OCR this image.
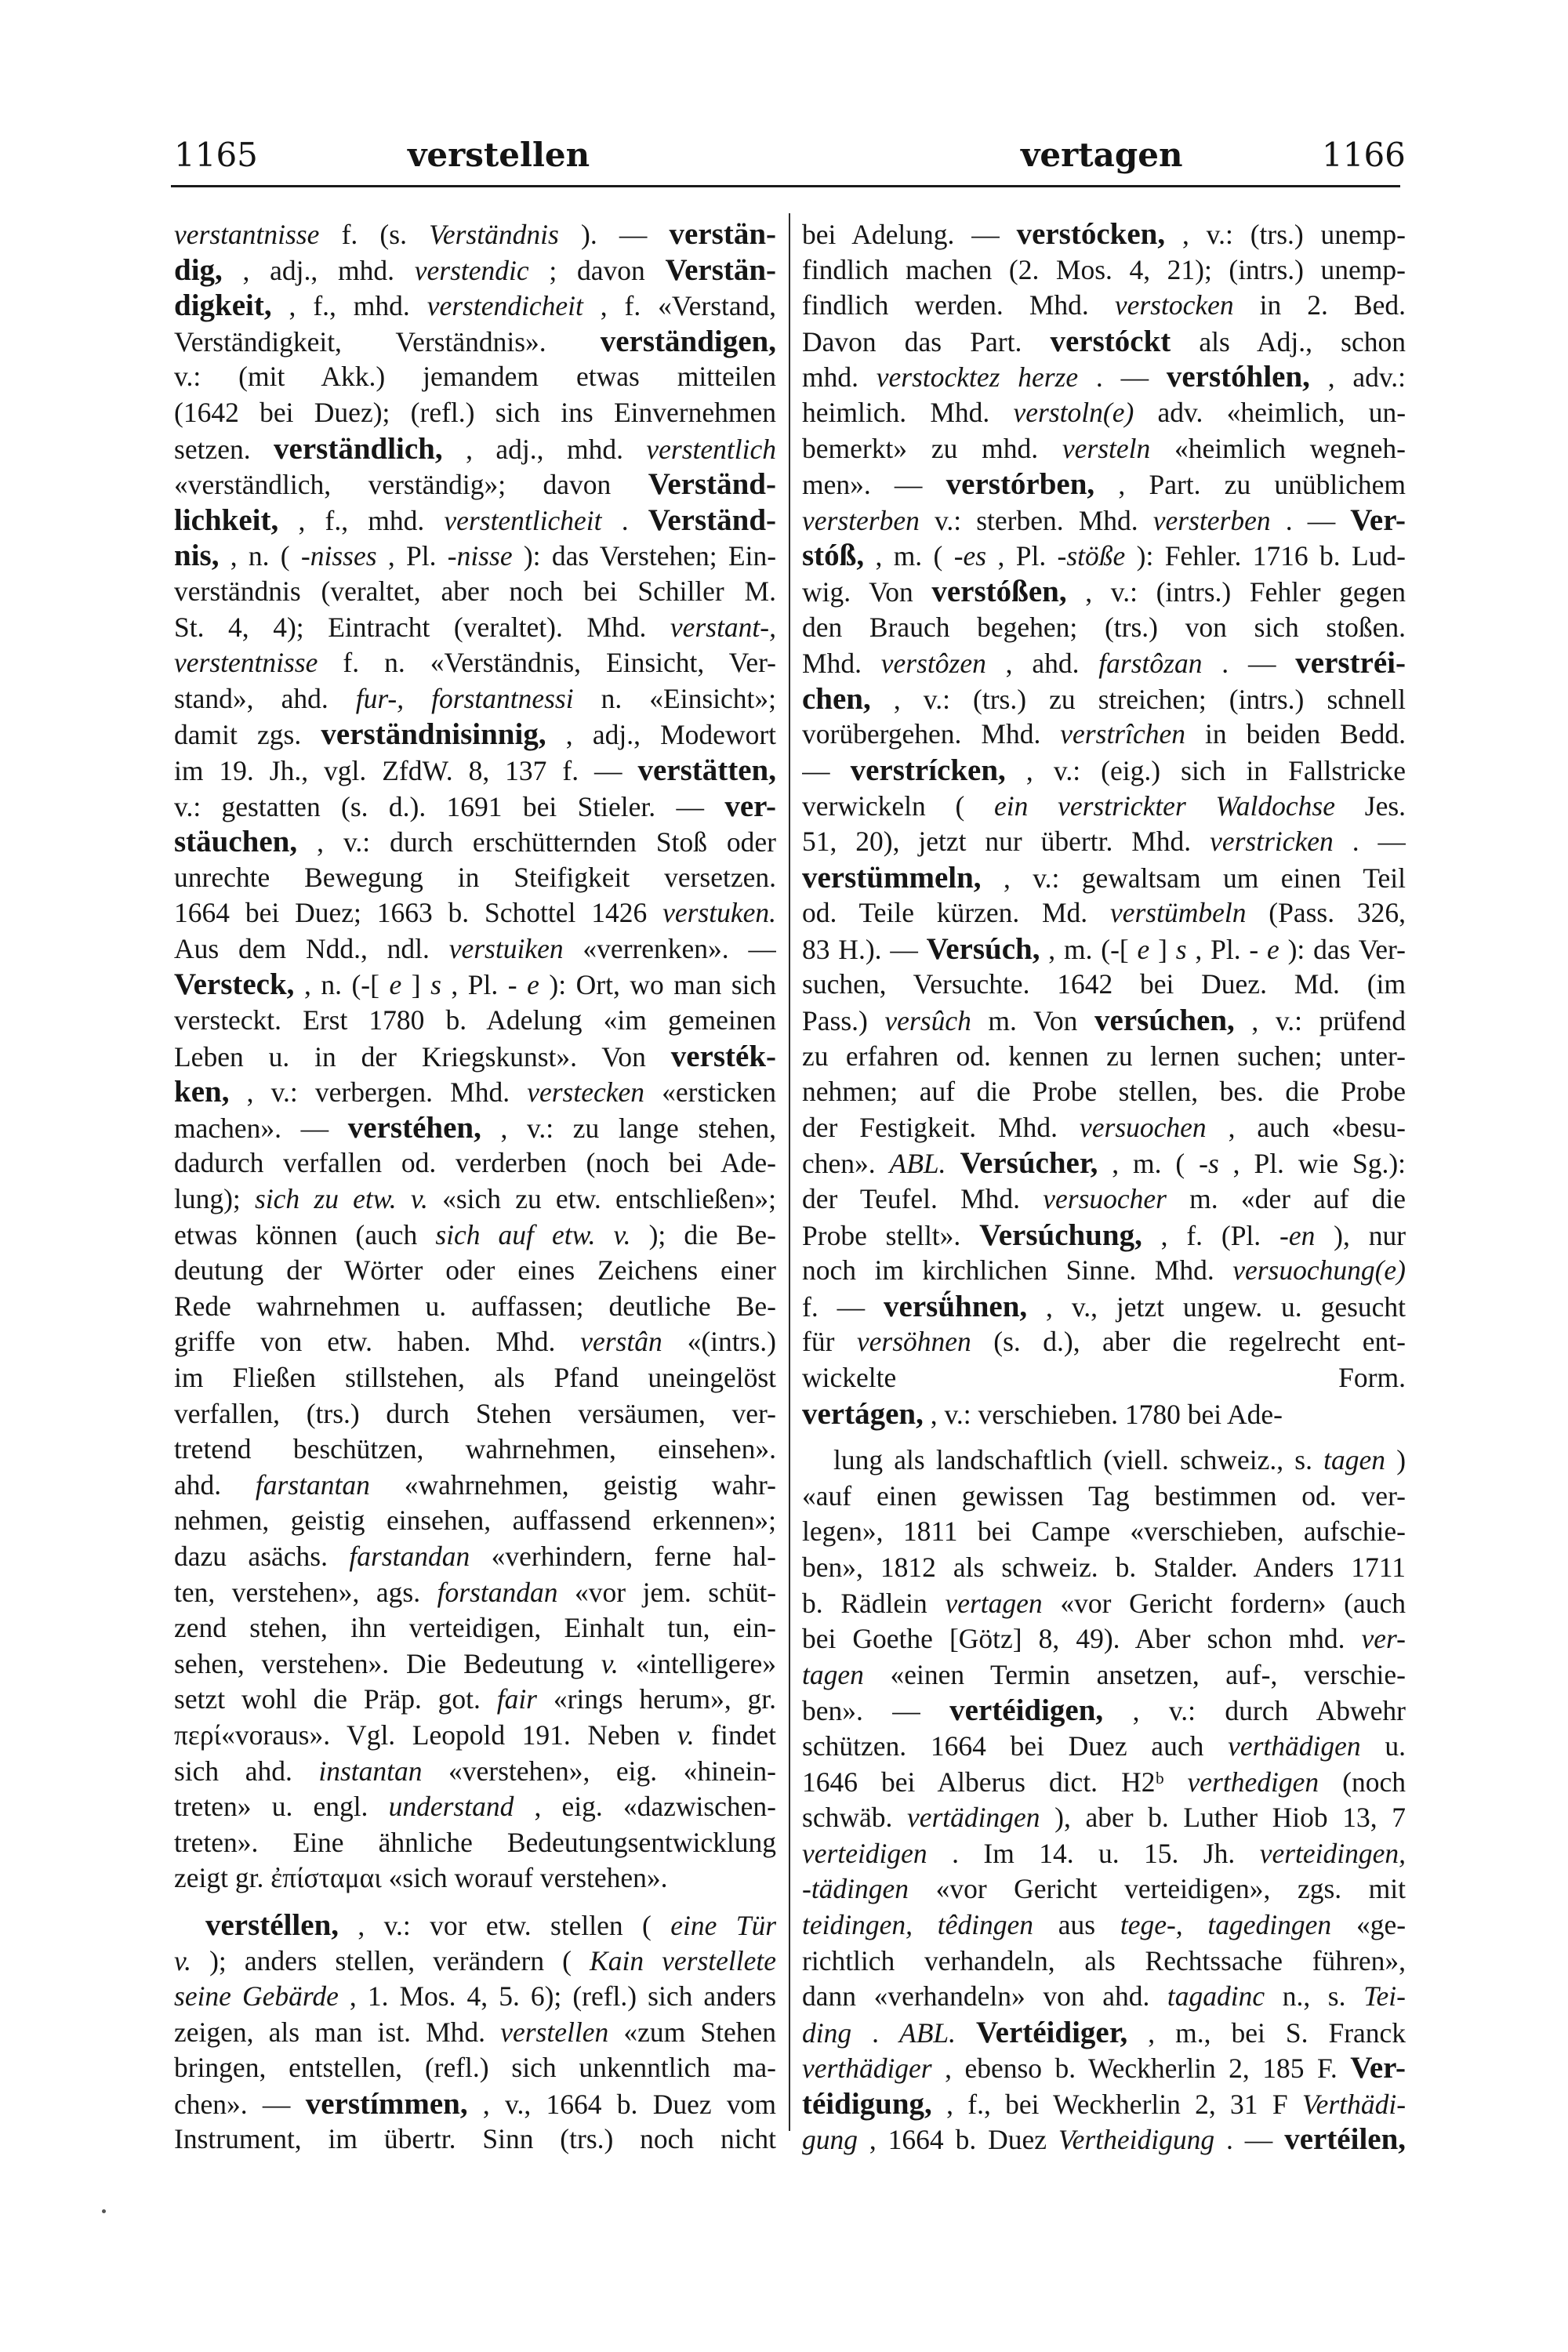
1165	verstellen	vertagen	1166
verstantnisse f. (s. Verständnis ). — verstän-
dig, , adj., mhd. verstendic ; davon Verstän-
digkeit, , f., mhd. verstendicheit , f. «Verstand,
Verständigkeit, Verständnis». verständigen,
v.: (mit Akk.) jemandem etwas mitteilen
(1642 bei Duez); (refl.) sich ins Einvernehmen
setzen. verständlich, , adj., mhd. verstentlich
«verständlich, verständig»; davon Verständ-
lichkeit, , f., mhd. verstentlicheit . Verständ-
nis, , n. ( -nisses , Pl. -nisse ): das Verstehen; Ein-
verständnis (veraltet, aber noch bei Schiller M.
St. 4, 4); Eintracht (veraltet). Mhd. verstant-,
verstentnisse f. n. «Verständnis, Einsicht, Ver-
stand», ahd. fur-, forstantnessi n. «Einsicht»;
damit zgs. verständnisinnig, , adj., Modewort
im 19. Jh., vgl. ZfdW. 8, 137 f. — verstätten,
v.: gestatten (s. d.). 1691 bei Stieler. — ver-
stäuchen, , v.: durch erschütternden Stoß oder
unrechte Bewegung in Steifigkeit versetzen.
1664 bei Duez; 1663 b. Schottel 1426 verstuken.
Aus dem Ndd., ndl. verstuiken «verrenken». —
Versteck, , n. (-[ e ] s , Pl. - e ): Ort, wo man sich
versteckt. Erst 1780 b. Adelung «im gemeinen
Leben u. in der Kriegskunst». Von versték-
ken, , v.: verbergen. Mhd. verstecken «ersticken
machen». — verstéhen, , v.: zu lange stehen,
dadurch verfallen od. verderben (noch bei Ade-
lung); sich zu etw. v. «sich zu etw. entschließen»;
etwas können (auch sich auf etw. v. ); die Be-
deutung der Wörter oder eines Zeichens einer
Rede wahrnehmen u. auffassen; deutliche Be-
griffe von etw. haben. Mhd. verstân «(intrs.)
im Fließen stillstehen, als Pfand uneingelöst
verfallen, (trs.) durch Stehen versäumen, ver-
tretend beschützen, wahrnehmen, einsehen».
ahd. farstantan «wahrnehmen, geistig wahr-
nehmen, geistig einsehen, auffassend erkennen»;
dazu asächs. farstandan «verhindern, ferne hal-
ten, verstehen», ags. forstandan «vor jem. schüt-
zend stehen, ihn verteidigen, Einhalt tun, ein-
sehen, verstehen». Die Bedeutung v. «intelligere»
setzt wohl die Präp. got. fair «rings herum», gr.
περί«voraus». Vgl. Leopold 191. Neben v. findet
sich ahd. instantan «verstehen», eig. «hinein-
treten» u. engl. understand , eig. «dazwischen-
treten». Eine ähnliche Bedeutungsentwicklung
zeigt gr. ἐπίσταμαι «sich worauf verstehen».
verstéllen, , v.: vor etw. stellen ( eine Tür
v. ); anders stellen, verändern ( Kain verstellete
seine Gebärde , 1. Mos. 4, 5. 6); (refl.) sich anders
zeigen, als man ist. Mhd. verstellen «zum Stehen
bringen, entstellen, (refl.) sich unkenntlich ma-
chen». — verstímmen, , v., 1664 b. Duez vom
Instrument, im übertr. Sinn (trs.) noch nicht
bei Adelung. — verstócken, , v.: (trs.) unemp-
findlich machen (2. Mos. 4, 21); (intrs.) unemp-
findlich werden. Mhd. verstocken in 2. Bed.
Davon das Part. verstóckt als Adj., schon
mhd. verstocktez herze . — verstóhlen, , adv.:
heimlich. Mhd. verstoln(e) adv. «heimlich, un-
bemerkt» zu mhd. versteln «heimlich wegneh-
men». — verstórben, , Part. zu unüblichem
versterben v.: sterben. Mhd. versterben . — Ver-
stóß, , m. ( -es , Pl. -stöße ): Fehler. 1716 b. Lud-
wig. Von verstóßen, , v.: (intrs.) Fehler gegen
den Brauch begehen; (trs.) von sich stoßen.
Mhd. verstôzen , ahd. farstôzan . — verstréi-
chen, , v.: (trs.) zu streichen; (intrs.) schnell
vorübergehen. Mhd. verstrîchen in beiden Bedd.
— verstrícken, , v.: (eig.) sich in Fallstricke
verwickeln ( ein verstrickter Waldochse Jes.
51, 20), jetzt nur übertr. Mhd. verstricken . —
verstümmeln, , v.: gewaltsam um einen Teil
od. Teile kürzen. Md. verstümbeln (Pass. 326,
83 H.). — Versúch, , m. (-[ e ] s , Pl. - e ): das Ver-
suchen, Versuchte. 1642 bei Duez. Md. (im
Pass.) versûch m. Von versúchen, , v.: prüfend
zu erfahren od. kennen zu lernen suchen; unter-
nehmen; auf die Probe stellen, bes. die Probe
der Festigkeit. Mhd. versuochen , auch «besu-
chen». ABL. Versúcher, , m. ( -s , Pl. wie Sg.):
der Teufel. Mhd. versuocher m. «der auf die
Probe stellt». Versúchung, , f. (Pl. -en ), nur
noch im kirchlichen Sinne. Mhd. versuochung(e)
f. — versǘhnen, , v., jetzt ungew. u. gesucht
für versöhnen (s. d.), aber die regelrecht ent-
wickelte Form.
vertágen, , v.: verschieben. 1780 bei Ade-
lung als landschaftlich (viell. schweiz., s. tagen )
«auf einen gewissen Tag bestimmen od. ver-
legen», 1811 bei Campe «verschieben, aufschie-
ben», 1812 als schweiz. b. Stalder. Anders 1711
b. Rädlein vertagen «vor Gericht fordern» (auch
bei Goethe [Götz] 8, 49). Aber schon mhd. ver-
tagen «einen Termin ansetzen, auf-, verschie-
ben». — vertéidigen, , v.: durch Abwehr
schützen. 1664 bei Duez auch verthädigen u.
1646 bei Alberus dict. H2ᵇ verthedigen (noch
schwäb. vertädingen ), aber b. Luther Hiob 13, 7
verteidigen . Im 14. u. 15. Jh. verteidingen,
-tädingen «vor Gericht verteidigen», zgs. mit
teidingen, têdingen aus tege-, tagedingen «ge-
richtlich verhandeln, als Rechtssache führen»,
dann «verhandeln» von ahd. tagadinc n., s. Tei-
ding . ABL. Vertéidiger, , m., bei S. Franck
verthädiger , ebenso b. Weckherlin 2, 185 F. Ver-
téidigung, , f., bei Weckherlin 2, 31 F Verthädi-
gung , 1664 b. Duez Vertheidigung . — vertéilen,
